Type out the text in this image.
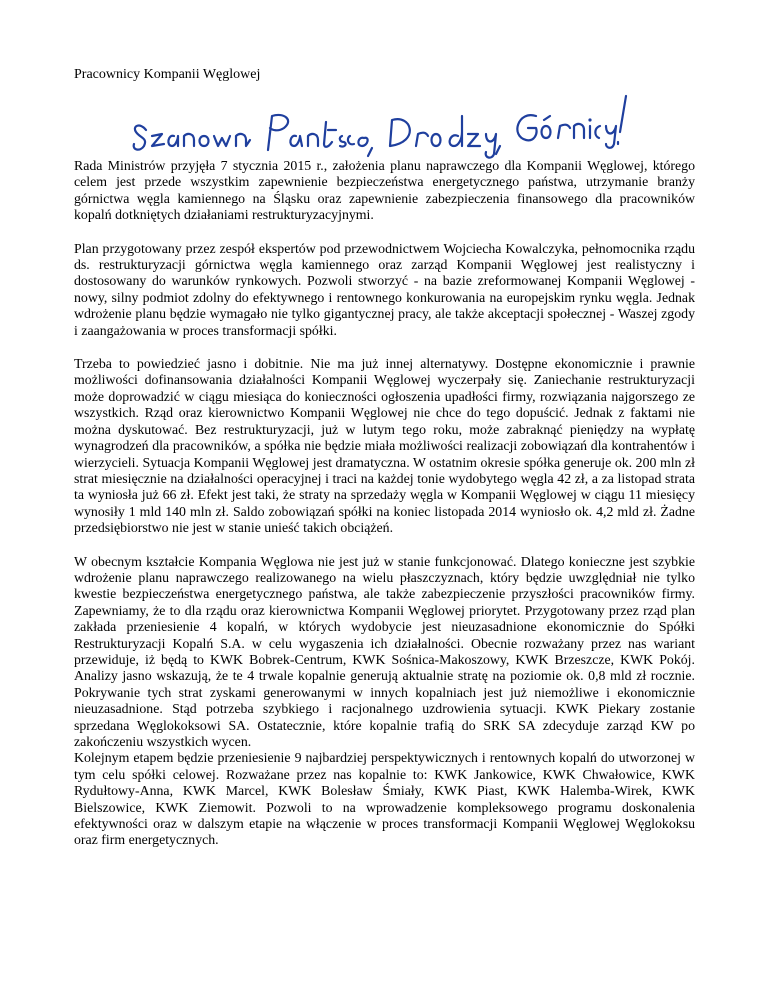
Pracownicy Kompanii Węglowej

Rada Ministrów przyjęła 7 stycznia 2015 r., założenia planu naprawczego dla Kompanii Węglowej, którego celem jest przede wszystkim zapewnienie bezpieczeństwa energetycznego państwa, utrzymanie branży górnictwa węgla kamiennego na Śląsku oraz zapewnienie zabezpieczenia finansowego dla pracowników kopalń dotkniętych działaniami restrukturyzacyjnymi.

Plan przygotowany przez zespół ekspertów pod przewodnictwem Wojciecha Kowalczyka, pełnomocnika rządu ds. restrukturyzacji górnictwa węgla kamiennego oraz zarząd Kompanii Węglowej jest realistyczny i dostosowany do warunków rynkowych. Pozwoli stworzyć - na bazie zreformowanej Kompanii Węglowej - nowy, silny podmiot zdolny do efektywnego i rentownego konkurowania na europejskim rynku węgla. Jednak wdrożenie planu będzie wymagało nie tylko gigantycznej pracy, ale także akceptacji społecznej - Waszej zgody i zaangażowania w proces transformacji spółki.

Trzeba to powiedzieć jasno i dobitnie. Nie ma już innej alternatywy. Dostępne ekonomicznie i prawnie możliwości dofinansowania działalności Kompanii Węglowej wyczerpały się. Zaniechanie restrukturyzacji może doprowadzić w ciągu miesiąca do konieczności ogłoszenia upadłości firmy, rozwiązania najgorszego ze wszystkich. Rząd oraz kierownictwo Kompanii Węglowej nie chce do tego dopuścić. Jednak z faktami nie można dyskutować. Bez restrukturyzacji, już w lutym tego roku, może zabraknąć pieniędzy na wypłatę wynagrodzeń dla pracowników, a spółka nie będzie miała możliwości realizacji zobowiązań dla kontrahentów i wierzycieli. Sytuacja Kompanii Węglowej jest dramatyczna. W ostatnim okresie spółka generuje ok. 200 mln zł strat miesięcznie na działalności operacyjnej i traci na każdej tonie wydobytego węgla 42 zł, a za listopad strata ta wyniosła już 66 zł. Efekt jest taki, że straty na sprzedaży węgla w Kompanii Węglowej w ciągu 11 miesięcy wynosiły 1 mld 140 mln zł. Saldo zobowiązań spółki na koniec listopada 2014 wyniosło ok. 4,2 mld zł. Żadne przedsiębiorstwo nie jest w stanie unieść takich obciążeń.

W obecnym kształcie Kompania Węglowa nie jest już w stanie funkcjonować. Dlatego konieczne jest szybkie wdrożenie planu naprawczego realizowanego na wielu płaszczyznach, który będzie uwzględniał nie tylko kwestie bezpieczeństwa energetycznego państwa, ale także zabezpieczenie przyszłości pracowników firmy. Zapewniamy, że to dla rządu oraz kierownictwa Kompanii Węglowej priorytet. Przygotowany przez rząd plan zakłada przeniesienie 4 kopalń, w których wydobycie jest nieuzasadnione ekonomicznie do Spółki Restrukturyzacji Kopalń S.A. w celu wygaszenia ich działalności. Obecnie rozważany przez nas wariant przewiduje, iż będą to KWK Bobrek-Centrum, KWK Sośnica-Makoszowy, KWK Brzeszcze, KWK Pokój. Analizy jasno wskazują, że te 4 trwale kopalnie generują aktualnie stratę na poziomie ok. 0,8 mld zł rocznie. Pokrywanie tych strat zyskami generowanymi w innych kopalniach jest już niemożliwe i ekonomicznie nieuzasadnione. Stąd potrzeba szybkiego i racjonalnego uzdrowienia sytuacji. KWK Piekary zostanie sprzedana Węglokoksowi SA. Ostatecznie, które kopalnie trafią do SRK SA zdecyduje zarząd KW po zakończeniu wszystkich wycen.

Kolejnym etapem będzie przeniesienie 9 najbardziej perspektywicznych i rentownych kopalń do utworzonej w tym celu spółki celowej. Rozważane przez nas kopalnie to: KWK Jankowice, KWK Chwałowice, KWK Rydułtowy-Anna, KWK Marcel, KWK Bolesław Śmiały, KWK Piast, KWK Halemba-Wirek, KWK Bielszowice, KWK Ziemowit. Pozwoli to na wprowadzenie kompleksowego programu doskonalenia efektywności oraz w dalszym etapie na włączenie w proces transformacji Kompanii Węglowej Węglokoksu oraz firm energetycznych.
